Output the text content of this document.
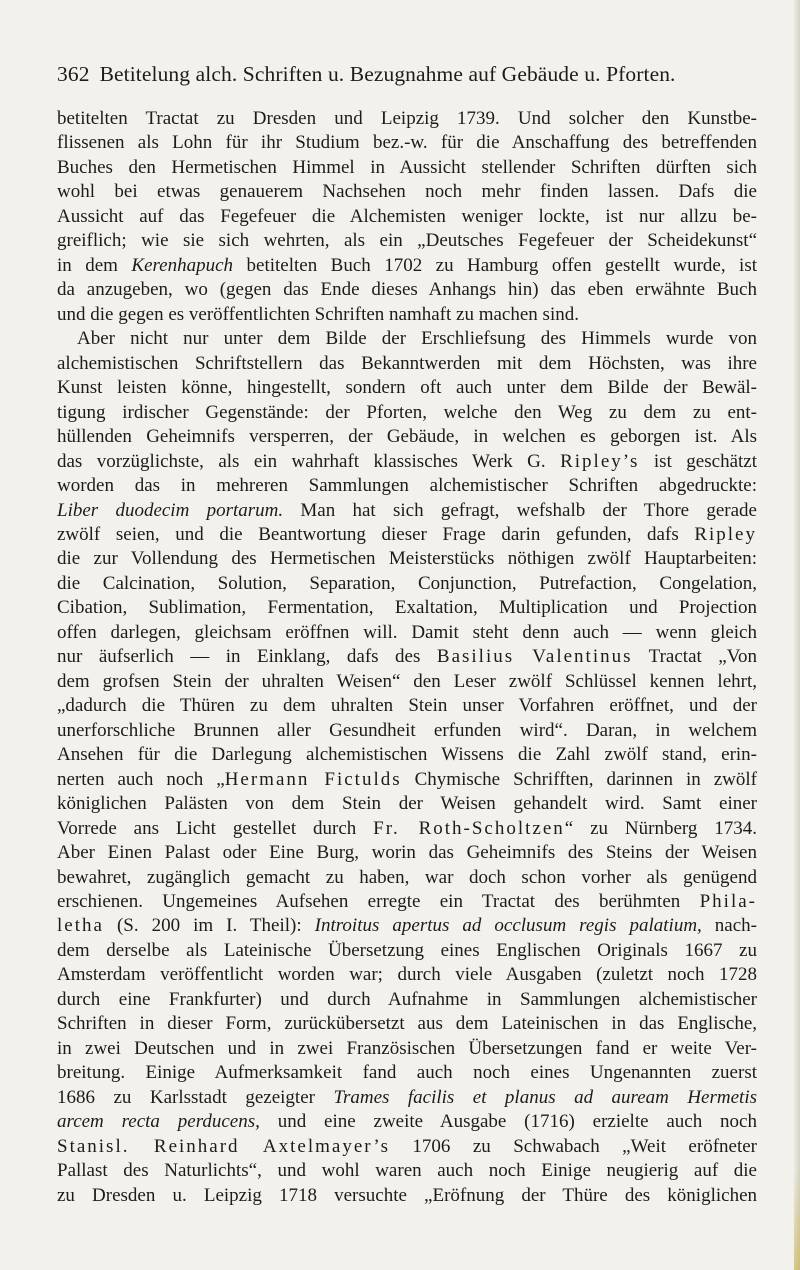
362 Betitelung alch. Schriften u. Bezugnahme auf Gebäude u. Pforten.
betitelten Tractat zu Dresden und Leipzig 1739. Und solcher den Kunstbe-
flissenen als Lohn für ihr Studium bez.-w. für die Anschaffung des betreffenden
Buches den Hermetischen Himmel in Aussicht stellender Schriften dürften sich
wohl bei etwas genauerem Nachsehen noch mehr finden lassen. Dafs die
Aussicht auf das Fegefeuer die Alchemisten weniger lockte, ist nur allzu be-
greiflich; wie sie sich wehrten, als ein „Deutsches Fegefeuer der Scheidekunst“
in dem Kerenhapuch betitelten Buch 1702 zu Hamburg offen gestellt wurde, ist
da anzugeben, wo (gegen das Ende dieses Anhangs hin) das eben erwähnte Buch
und die gegen es veröffentlichten Schriften namhaft zu machen sind.
Aber nicht nur unter dem Bilde der Erschliefsung des Himmels wurde von
alchemistischen Schriftstellern das Bekanntwerden mit dem Höchsten, was ihre
Kunst leisten könne, hingestellt, sondern oft auch unter dem Bilde der Bewäl-
tigung irdischer Gegenstände: der Pforten, welche den Weg zu dem zu ent-
hüllenden Geheimnifs versperren, der Gebäude, in welchen es geborgen ist. Als
das vorzüglichste, als ein wahrhaft klassisches Werk G. Ripley’s ist geschätzt
worden das in mehreren Sammlungen alchemistischer Schriften abgedruckte:
Liber duodecim portarum. Man hat sich gefragt, wefshalb der Thore gerade
zwölf seien, und die Beantwortung dieser Frage darin gefunden, dafs Ripley
die zur Vollendung des Hermetischen Meisterstücks nöthigen zwölf Hauptarbeiten:
die Calcination, Solution, Separation, Conjunction, Putrefaction, Congelation,
Cibation, Sublimation, Fermentation, Exaltation, Multiplication und Projection
offen darlegen, gleichsam eröffnen will. Damit steht denn auch — wenn gleich
nur äufserlich — in Einklang, dafs des Basilius Valentinus Tractat „Von
dem grofsen Stein der uhralten Weisen“ den Leser zwölf Schlüssel kennen lehrt,
„dadurch die Thüren zu dem uhralten Stein unser Vorfahren eröffnet, und der
unerforschliche Brunnen aller Gesundheit erfunden wird“. Daran, in welchem
Ansehen für die Darlegung alchemistischen Wissens die Zahl zwölf stand, erin-
nerten auch noch „Hermann Fictulds Chymische Schrifften, darinnen in zwölf
königlichen Palästen von dem Stein der Weisen gehandelt wird. Samt einer
Vorrede ans Licht gestellet durch Fr. Roth-Scholtzen“ zu Nürnberg 1734.
Aber Einen Palast oder Eine Burg, worin das Geheimnifs des Steins der Weisen
bewahret, zugänglich gemacht zu haben, war doch schon vorher als genügend
erschienen. Ungemeines Aufsehen erregte ein Tractat des berühmten Phila-
letha (S. 200 im I. Theil): Introitus apertus ad occlusum regis palatium, nach-
dem derselbe als Lateinische Übersetzung eines Englischen Originals 1667 zu
Amsterdam veröffentlicht worden war; durch viele Ausgaben (zuletzt noch 1728
durch eine Frankfurter) und durch Aufnahme in Sammlungen alchemistischer
Schriften in dieser Form, zurückübersetzt aus dem Lateinischen in das Englische,
in zwei Deutschen und in zwei Französischen Übersetzungen fand er weite Ver-
breitung. Einige Aufmerksamkeit fand auch noch eines Ungenannten zuerst
1686 zu Karlsstadt gezeigter Trames facilis et planus ad auream Hermetis
arcem recta perducens, und eine zweite Ausgabe (1716) erzielte auch noch
Stanisl. Reinhard Axtelmayer’s 1706 zu Schwabach „Weit eröfneter
Pallast des Naturlichts“, und wohl waren auch noch Einige neugierig auf die
zu Dresden u. Leipzig 1718 versuchte „Eröfnung der Thüre des königlichen
